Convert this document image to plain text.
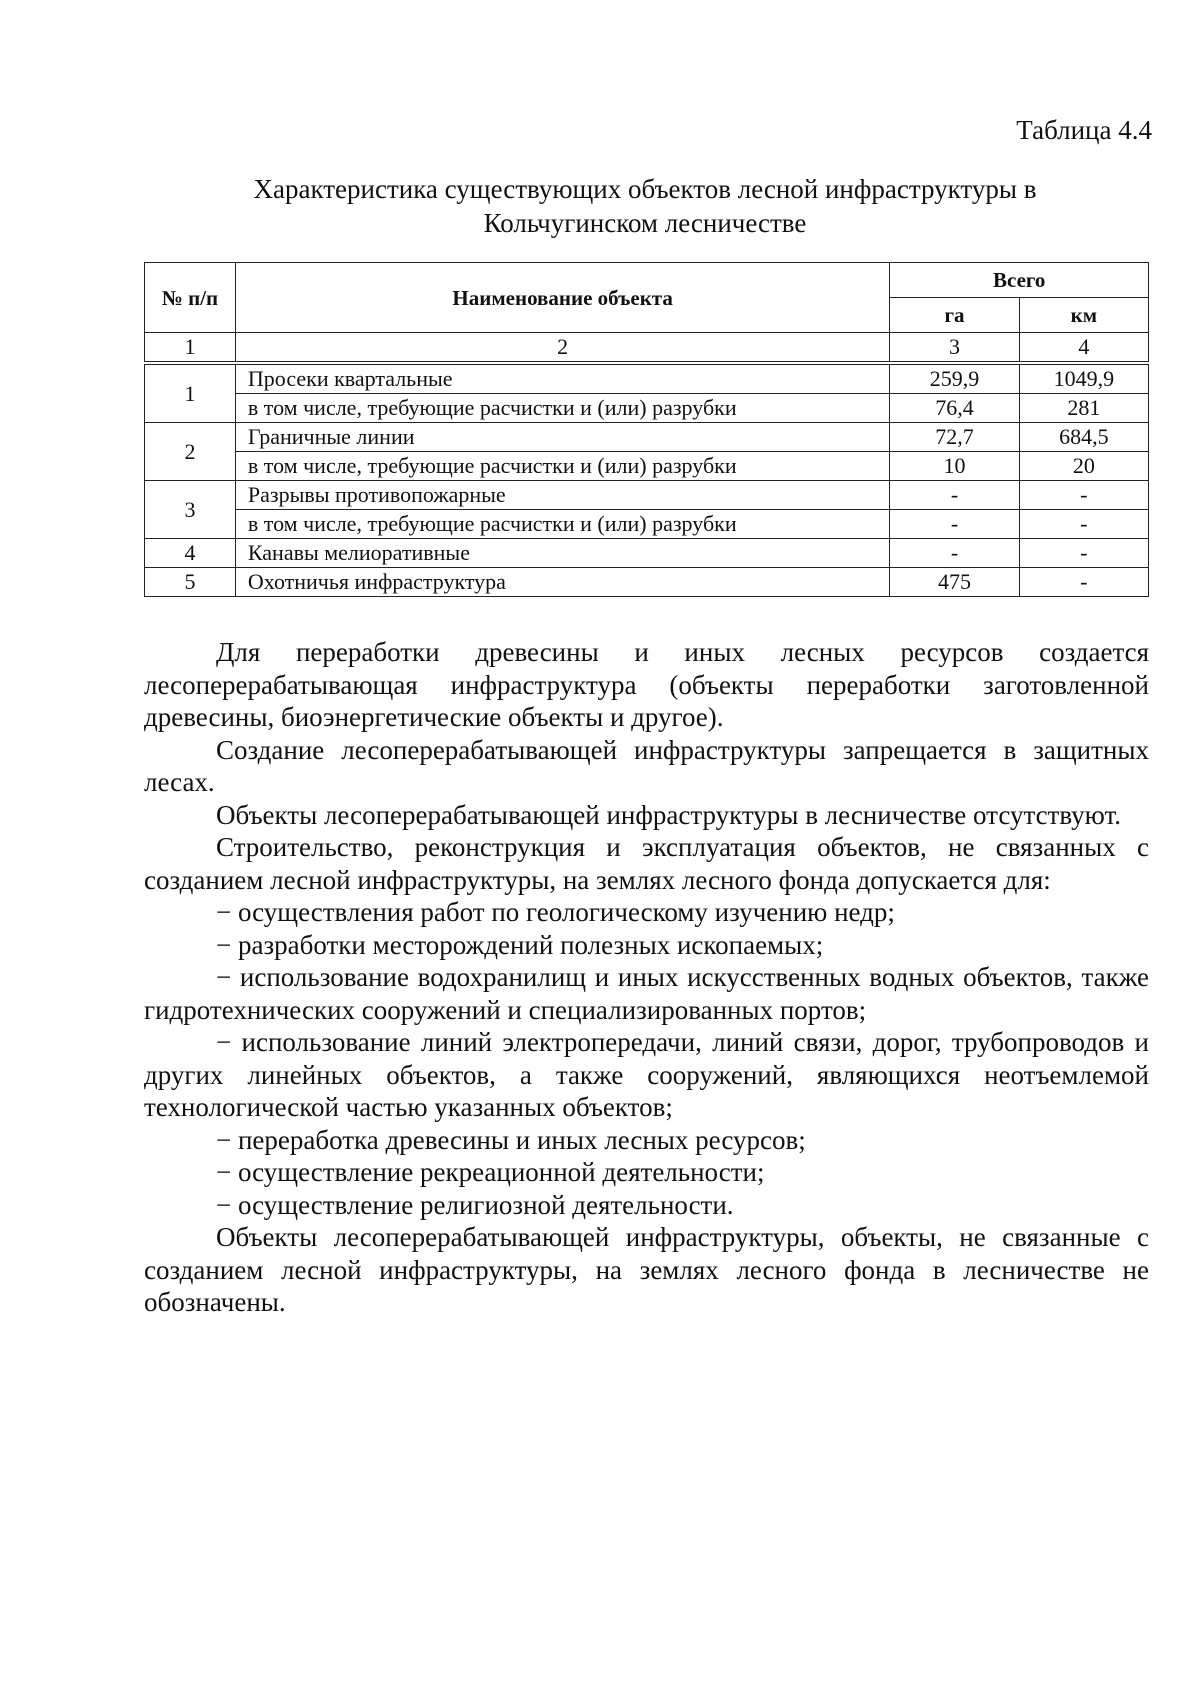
Таблица 4.4
Характеристика существующих объектов лесной инфраструктуры в
Кольчугинском лесничестве
№ п/п	Наименование объекта	Всего	
		га	км
1	2	3	4
1	Просеки квартальные	259,9	1049,9
	в том числе, требующие расчистки и (или) разрубки	76,4	281
2	Граничные линии	72,7	684,5
	в том числе, требующие расчистки и (или) разрубки	10	20
3	Разрывы противопожарные	-	-
	в том числе, требующие расчистки и (или) разрубки	-	-
4	Канавы мелиоративные	-	-
5	Охотничья инфраструктура	475	-

Для переработки древесины и иных лесных ресурсов создается лесоперерабатывающая инфраструктура (объекты переработки заготовленной древесины, биоэнергетические объекты и другое).

Создание лесоперерабатывающей инфраструктуры запрещается в защитных лесах.

Объекты лесоперерабатывающей инфраструктуры в лесничестве отсутствуют.

Строительство, реконструкция и эксплуатация объектов, не связанных с созданием лесной инфраструктуры, на землях лесного фонда допускается для:

− осуществления работ по геологическому изучению недр;

− разработки месторождений полезных ископаемых;

− использование водохранилищ и иных искусственных водных объектов, также гидротехнических сооружений и специализированных портов;

− использование линий электропередачи, линий связи, дорог, трубопроводов и других линейных объектов, а также сооружений, являющихся неотъемлемой технологической частью указанных объектов;

− переработка древесины и иных лесных ресурсов;

− осуществление рекреационной деятельности;

− осуществление религиозной деятельности.

Объекты лесоперерабатывающей инфраструктуры, объекты, не связанные с созданием лесной инфраструктуры, на землях лесного фонда в лесничестве не обозначены.
